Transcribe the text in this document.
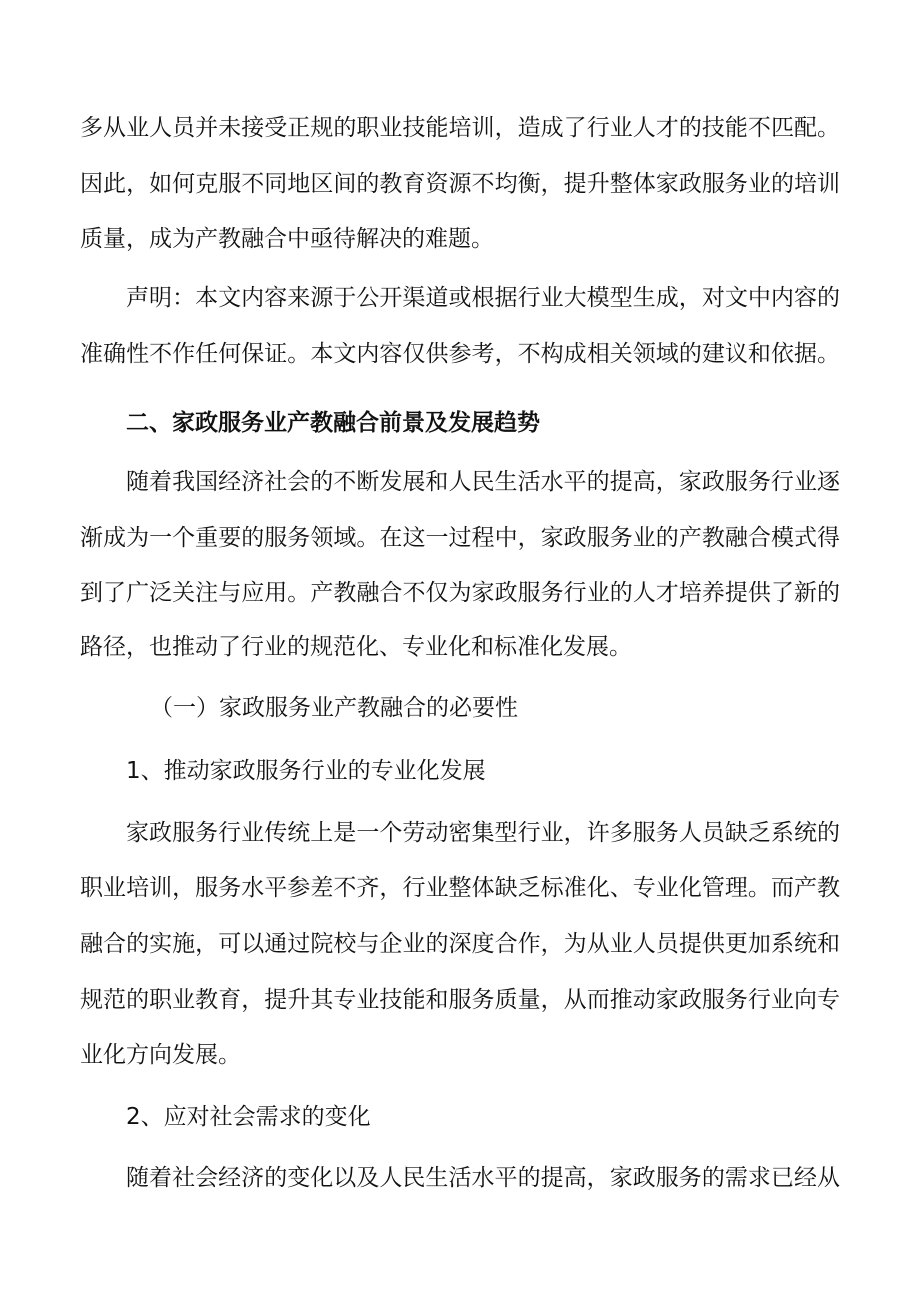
多从业人员并未接受正规的职业技能培训，造成了行业人才的技能不匹配。
因此，如何克服不同地区间的教育资源不均衡，提升整体家政服务业的培训
质量，成为产教融合中亟待解决的难题。
声明：本文内容来源于公开渠道或根据行业大模型生成，对文中内容的
准确性不作任何保证。本文内容仅供参考，不构成相关领域的建议和依据。
二、家政服务业产教融合前景及发展趋势
随着我国经济社会的不断发展和人民生活水平的提高，家政服务行业逐
渐成为一个重要的服务领域。在这一过程中，家政服务业的产教融合模式得
到了广泛关注与应用。产教融合不仅为家政服务行业的人才培养提供了新的
路径，也推动了行业的规范化、专业化和标准化发展。
（一）家政服务业产教融合的必要性
1、推动家政服务行业的专业化发展
家政服务行业传统上是一个劳动密集型行业，许多服务人员缺乏系统的
职业培训，服务水平参差不齐，行业整体缺乏标准化、专业化管理。而产教
融合的实施，可以通过院校与企业的深度合作，为从业人员提供更加系统和
规范的职业教育，提升其专业技能和服务质量，从而推动家政服务行业向专
业化方向发展。
2、应对社会需求的变化
随着社会经济的变化以及人民生活水平的提高，家政服务的需求已经从
